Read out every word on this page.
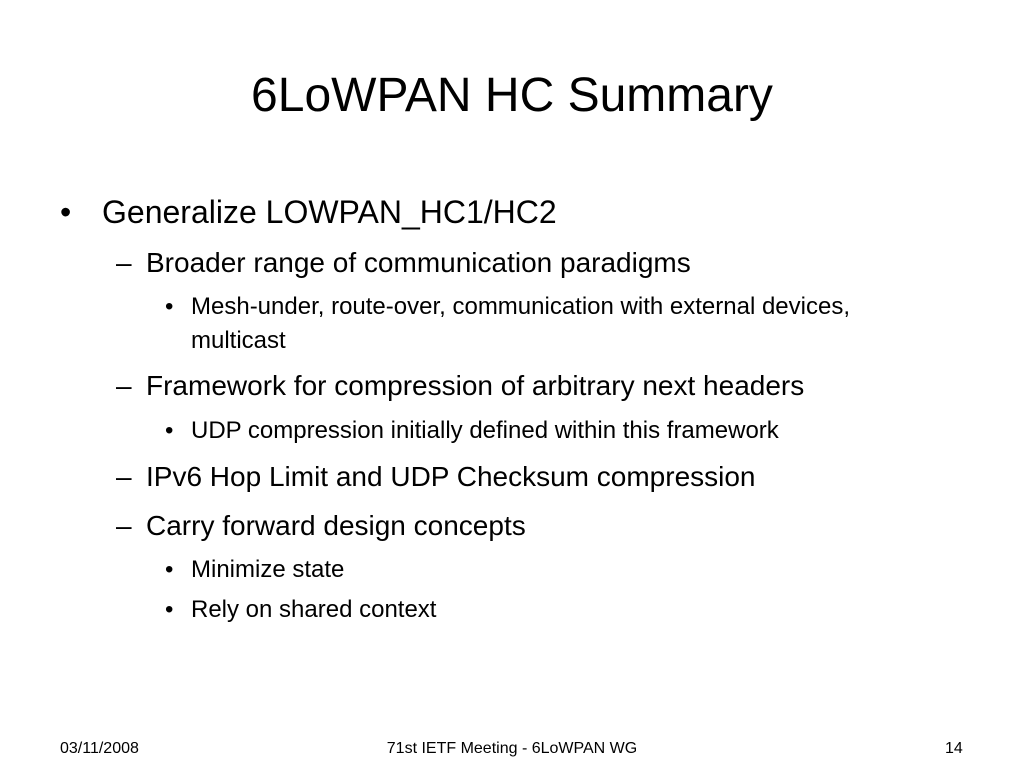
6LoWPAN HC Summary
• Generalize LOWPAN_HC1/HC2
– Broader range of communication paradigms
• Mesh-under, route-over, communication with external devices,
multicast
– Framework for compression of arbitrary next headers
• UDP compression initially defined within this framework
– IPv6 Hop Limit and UDP Checksum compression
– Carry forward design concepts
• Minimize state
• Rely on shared context
03/11/2008	71st IETF Meeting - 6LoWPAN WG	14
